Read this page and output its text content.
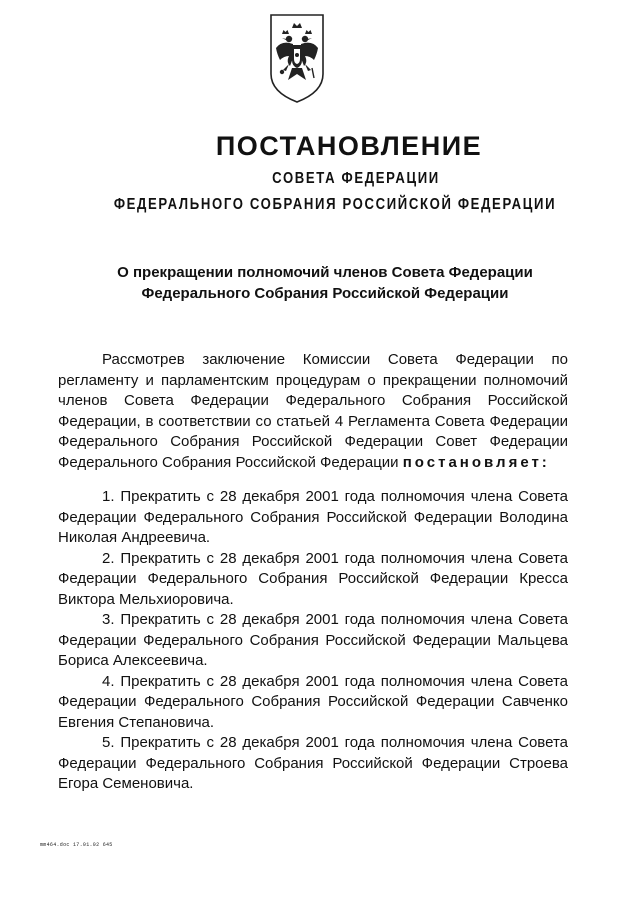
ПОСТАНОВЛЕНИЕ
СОВЕТА ФЕДЕРАЦИИ
ФЕДЕРАЛЬНОГО СОБРАНИЯ РОССИЙСКОЙ ФЕДЕРАЦИИ
О прекращении полномочий членов Совета Федерации
Федерального Собрания Российской Федерации

Рассмотрев заключение Комиссии Совета Федерации по регламенту и парламентским процедурам о прекращении полномочий членов Совета Федерации Федерального Собрания Российской Федерации, в соответствии со статьей 4 Регламента Совета Федерации Федерального Собрания Российской Федерации Совет Федерации Федерального Собрания Российской Федерации постановляет:

1. Прекратить с 28 декабря 2001 года полномочия члена Совета Федерации Федерального Собрания Российской Федерации Володина Николая Андреевича.

2. Прекратить с 28 декабря 2001 года полномочия члена Совета Федерации Федерального Собрания Российской Федерации Кресса Виктора Мельхиоровича.

3. Прекратить с 28 декабря 2001 года полномочия члена Совета Федерации Федерального Собрания Российской Федерации Мальцева Бориса Алексеевича.

4. Прекратить с 28 декабря 2001 года полномочия члена Совета Федерации Федерального Собрания Российской Федерации Савченко Евгения Степановича.

5. Прекратить с 28 декабря 2001 года полномочия члена Совета Федерации Федерального Собрания Российской Федерации Строева Егора Семеновича.

mm464.doc 17.01.02 645
